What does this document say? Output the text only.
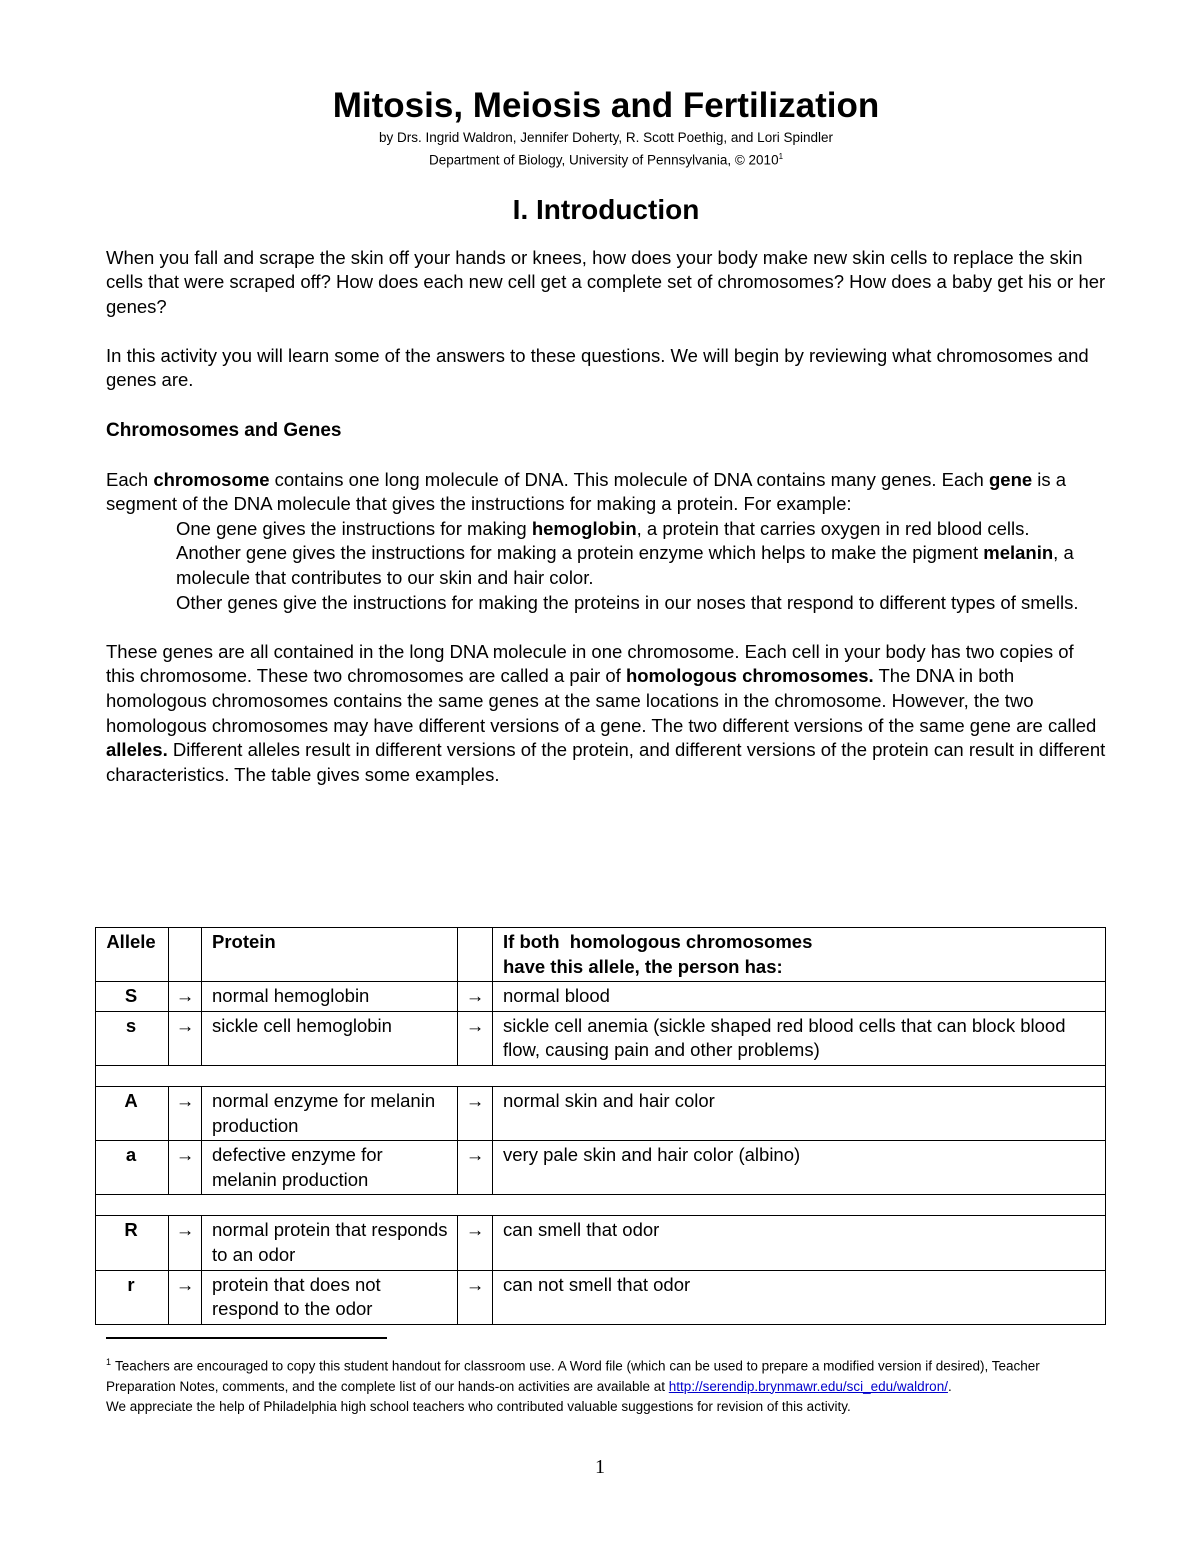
Mitosis, Meiosis and Fertilization

by Drs. Ingrid Waldron, Jennifer Doherty, R. Scott Poethig, and Lori Spindler

Department of Biology, University of Pennsylvania, © 2010$^1$

I. Introduction

When you fall and scrape the skin off your hands or knees, how does your body make new skin cells to replace the skin cells that were scraped off? How does each new cell get a complete set of chromosomes? How does a baby get his or her genes?

In this activity you will learn some of the answers to these questions. We will begin by reviewing what chromosomes and genes are.

Chromosomes and Genes

Each chromosome contains one long molecule of DNA. This molecule of DNA contains many genes. Each gene is a segment of the DNA molecule that gives the instructions for making a protein. For example:

One gene gives the instructions for making hemoglobin, a protein that carries oxygen in red blood cells.
Another gene gives the instructions for making a protein enzyme which helps to make the pigment melanin, a molecule that contributes to our skin and hair color.
Other genes give the instructions for making the proteins in our noses that respond to different types of smells.

These genes are all contained in the long DNA molecule in one chromosome. Each cell in your body has two copies of this chromosome. These two chromosomes are called a pair of homologous chromosomes. The DNA in both homologous chromosomes contains the same genes at the same locations in the chromosome. However, the two homologous chromosomes may have different versions of a gene. The two different versions of the same gene are called alleles. Different alleles result in different versions of the protein, and different versions of the protein can result in different characteristics. The table gives some examples.

Allele		Protein		If both  homologous chromosomes
have this allele, the person has:
S	→	normal hemoglobin	→	normal blood
s	→	sickle cell hemoglobin	→	sickle cell anemia (sickle shaped red blood cells that can block blood flow, causing pain and other problems)

A	→	normal enzyme for melanin production	→	normal skin and hair color
a	→	defective enzyme for melanin production	→	very pale skin and hair color (albino)

R	→	normal protein that responds to an odor	→	can smell that odor
r	→	protein that does not respond to the odor	→	can not smell that odor

$^1$ Teachers are encouraged to copy this student handout for classroom use. A Word file (which can be used to prepare a modified version if desired), Teacher Preparation Notes, comments, and the complete list of our hands-on activities are available at http://serendip.brynmawr.edu/sci_edu/waldron/.

We appreciate the help of Philadelphia high school teachers who contributed valuable suggestions for revision of this activity.

1
